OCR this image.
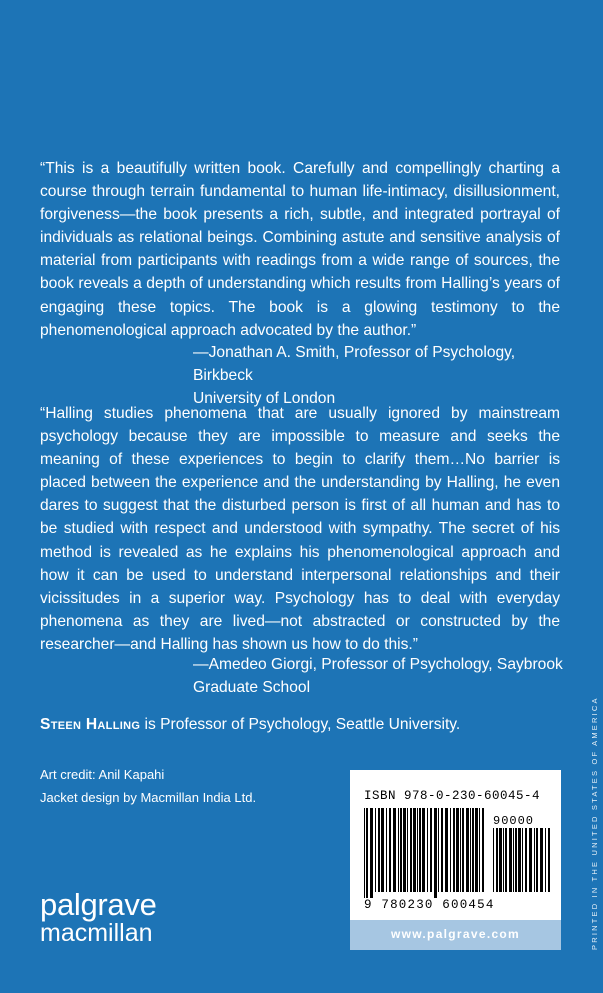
“This is a beautifully written book. Carefully and compellingly charting a course through terrain fundamental to human life-intimacy, disillusionment, forgiveness—the book presents a rich, subtle, and integrated portrayal of individuals as relational beings. Combining astute and sensitive analysis of material from participants with readings from a wide range of sources, the book reveals a depth of understanding which results from Halling’s years of engaging these topics. The book is a glowing testimony to the phenomenological approach advocated by the author.”
—Jonathan A. Smith, Professor of Psychology, Birkbeck
University of London
“Halling studies phenomena that are usually ignored by mainstream psychology because they are impossible to measure and seeks the meaning of these experiences to begin to clarify them…No barrier is placed between the experience and the understanding by Halling, he even dares to suggest that the disturbed person is first of all human and has to be studied with respect and understood with sympathy. The secret of his method is revealed as he explains his phenomenological approach and how it can be used to understand interpersonal relationships and their vicissitudes in a superior way. Psychology has to deal with everyday phenomena as they are lived—not abstracted or constructed by the researcher—and Halling has shown us how to do this.”
—Amedeo Giorgi, Professor of Psychology, Saybrook
Graduate School
Steen Halling is Professor of Psychology, Seattle University.
Art credit: Anil Kapahi
Jacket design by Macmillan India Ltd.
palgrave
macmillan
ISBN 978-0-230-60045-4
90000
9 780230 600454
www.palgrave.com	PRINTED IN THE UNITED STATES OF AMERICA
